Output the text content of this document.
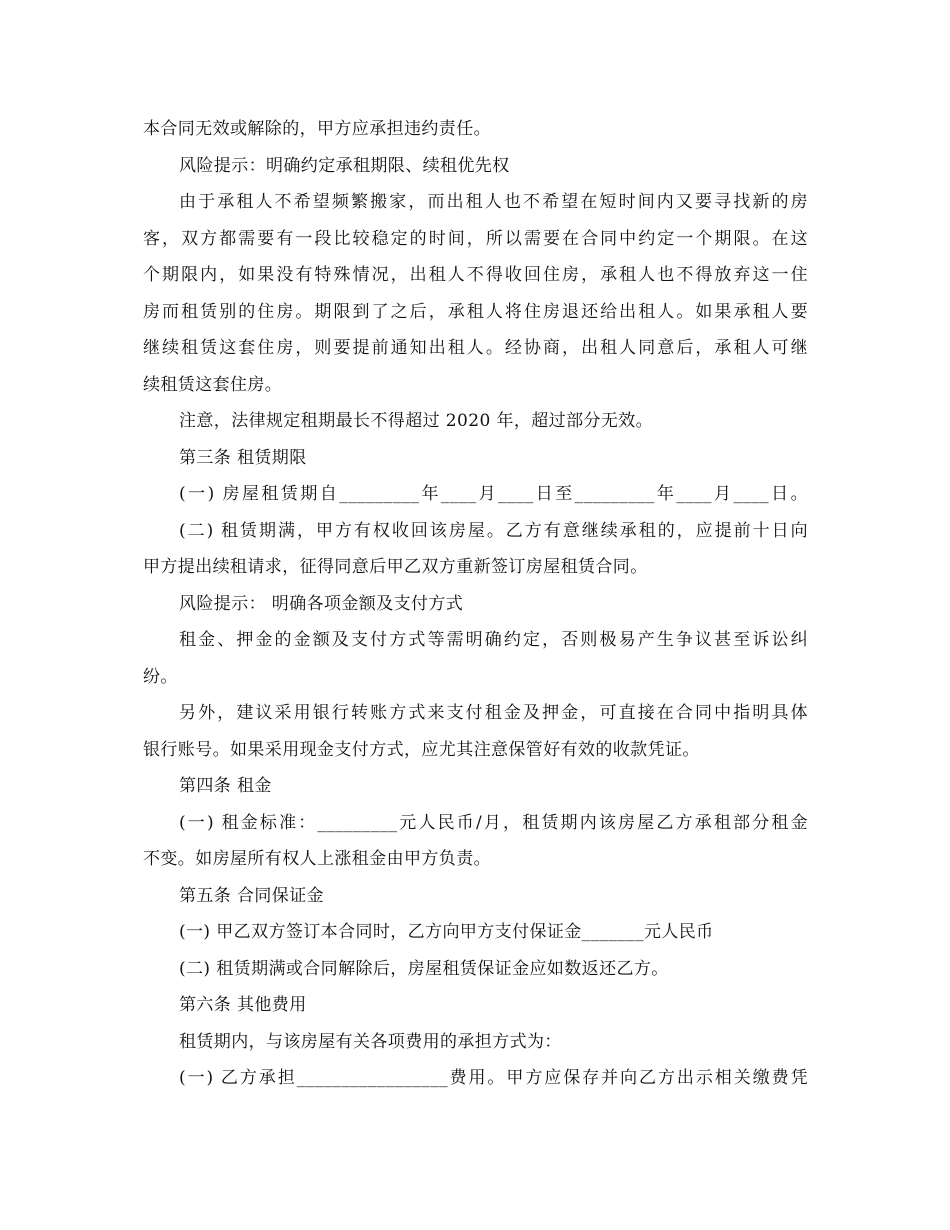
本合同无效或解除的，甲方应承担违约责任。
风险提示：明确约定承租期限、续租优先权
由于承租人不希望频繁搬家，而出租人也不希望在短时间内又要寻找新的房
客，双方都需要有一段比较稳定的时间，所以需要在合同中约定一个期限。在这
个期限内，如果没有特殊情况，出租人不得收回住房，承租人也不得放弃这一住
房而租赁别的住房。期限到了之后，承租人将住房退还给出租人。如果承租人要
继续租赁这套住房，则要提前通知出租人。经协商，出租人同意后，承租人可继
续租赁这套住房。
注意，法律规定租期最长不得超过 2020 年，超过部分无效。
第三条 租赁期限
(一) 房屋租赁期自_________年____月____日至_________年____月____日。
(二) 租赁期满，甲方有权收回该房屋。乙方有意继续承租的，应提前十日向
甲方提出续租请求，征得同意后甲乙双方重新签订房屋租赁合同。
风险提示： 明确各项金额及支付方式
租金、押金的金额及支付方式等需明确约定，否则极易产生争议甚至诉讼纠
纷。
另外，建议采用银行转账方式来支付租金及押金，可直接在合同中指明具体
银行账号。如果采用现金支付方式，应尤其注意保管好有效的收款凭证。
第四条 租金
(一) 租金标准：_________元人民币/月，租赁期内该房屋乙方承租部分租金
不变。如房屋所有权人上涨租金由甲方负责。
第五条 合同保证金
(一) 甲乙双方签订本合同时，乙方向甲方支付保证金_______元人民币
(二) 租赁期满或合同解除后，房屋租赁保证金应如数返还乙方。
第六条 其他费用
租赁期内，与该房屋有关各项费用的承担方式为：
(一) 乙方承担_________________费用。甲方应保存并向乙方出示相关缴费凭
